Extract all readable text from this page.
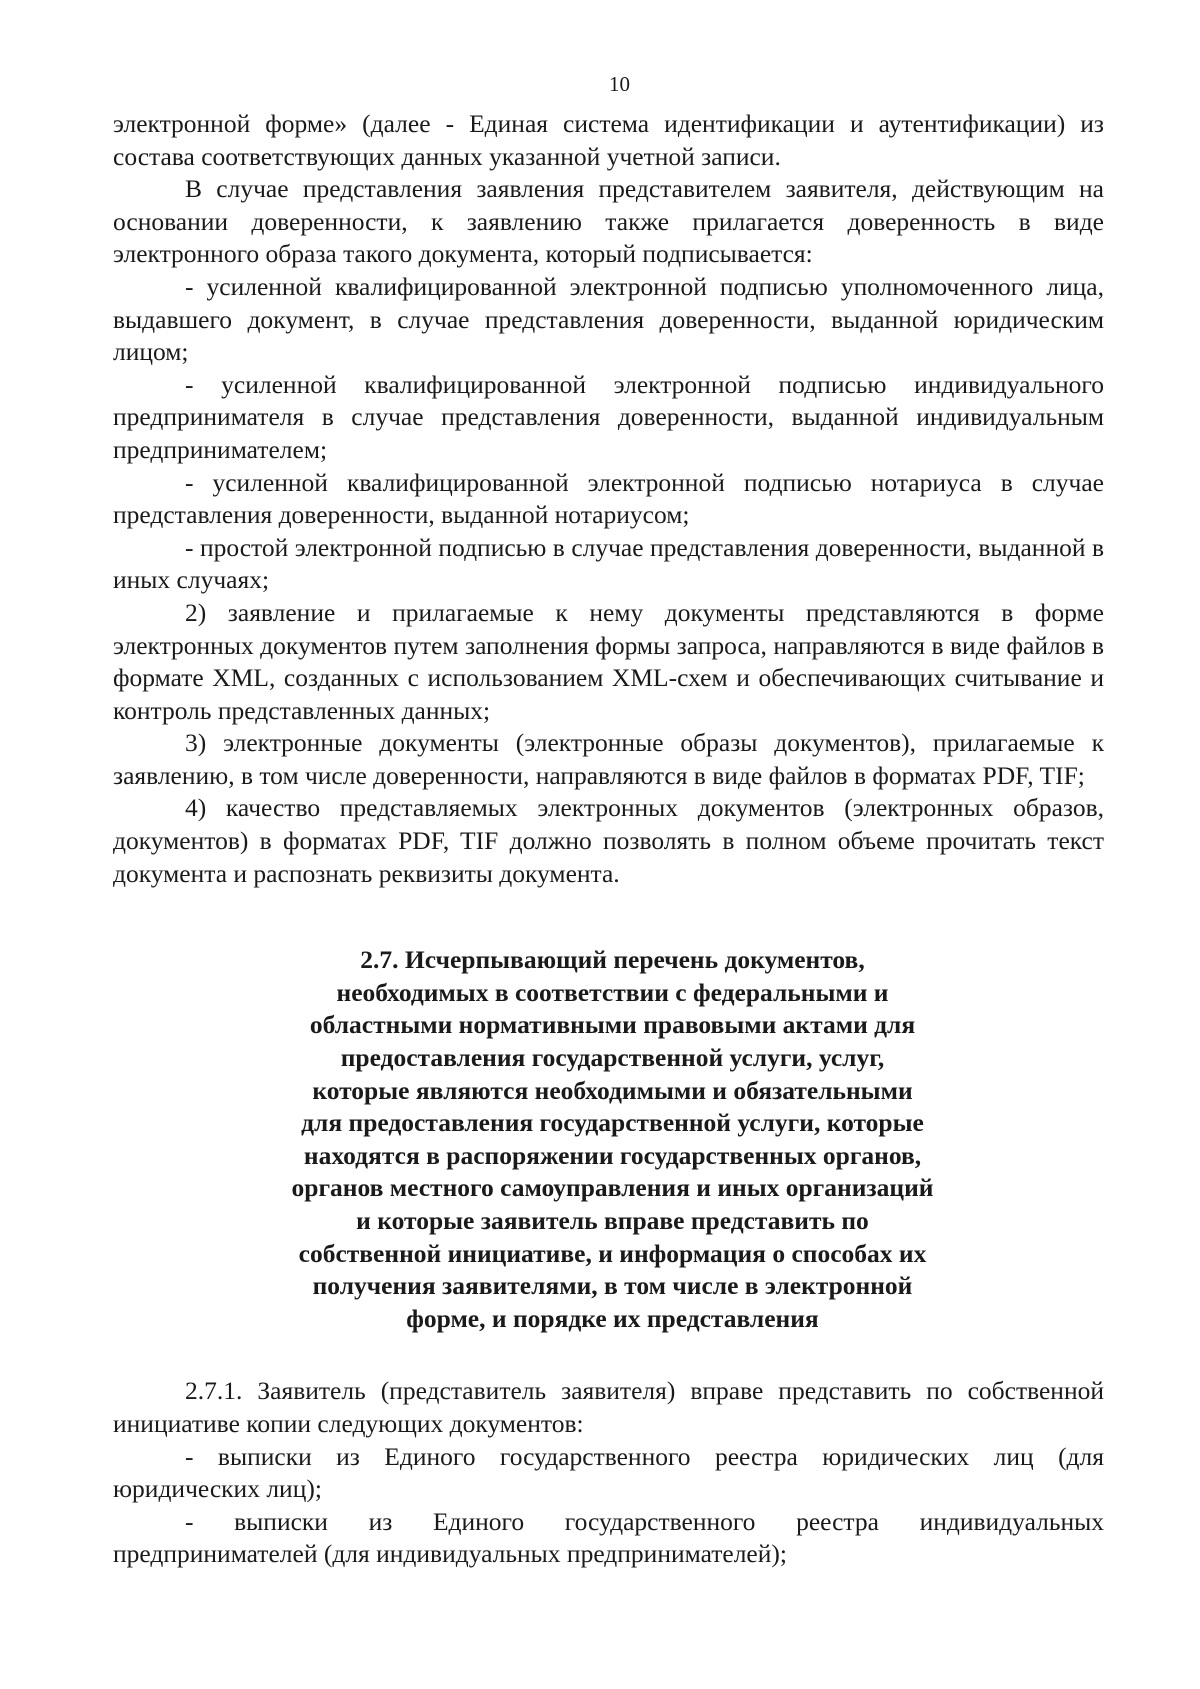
10

электронной форме» (далее - Единая система идентификации и аутентификации) из состава соответствующих данных указанной учетной записи.

В случае представления заявления представителем заявителя, действующим на основании доверенности, к заявлению также прилагается доверенность в виде электронного образа такого документа, который подписывается:

- усиленной квалифицированной электронной подписью уполномоченного лица, выдавшего документ, в случае представления доверенности, выданной юридическим лицом;

- усиленной квалифицированной электронной подписью индивидуального предпринимателя в случае представления доверенности, выданной индивидуальным предпринимателем;

- усиленной квалифицированной электронной подписью нотариуса в случае представления доверенности, выданной нотариусом;

- простой электронной подписью в случае представления доверенности, выданной в иных случаях;

2) заявление и прилагаемые к нему документы представляются в форме электронных документов путем заполнения формы запроса, направляются в виде файлов в формате XML, созданных с использованием XML-схем и обеспечивающих считывание и контроль представленных данных;

3) электронные документы (электронные образы документов), прилагаемые к заявлению, в том числе доверенности, направляются в виде файлов в форматах PDF, TIF;

4) качество представляемых электронных документов (электронных образов, документов) в форматах PDF, TIF должно позволять в полном объеме прочитать текст документа и распознать реквизиты документа.

2.7. Исчерпывающий перечень документов,
необходимых в соответствии с федеральными и
областными нормативными правовыми актами для
предоставления государственной услуги, услуг,
которые являются необходимыми и обязательными
для предоставления государственной услуги, которые
находятся в распоряжении государственных органов,
органов местного самоуправления и иных организаций
и которые заявитель вправе представить по
собственной инициативе, и информация о способах их
получения заявителями, в том числе в электронной
форме, и порядке их представления

2.7.1. Заявитель (представитель заявителя) вправе представить по собственной инициативе копии следующих документов:

- выписки из Единого государственного реестра юридических лиц (для юридических лиц);

- выписки из Единого государственного реестра индивидуальных предпринимателей (для индивидуальных предпринимателей);
